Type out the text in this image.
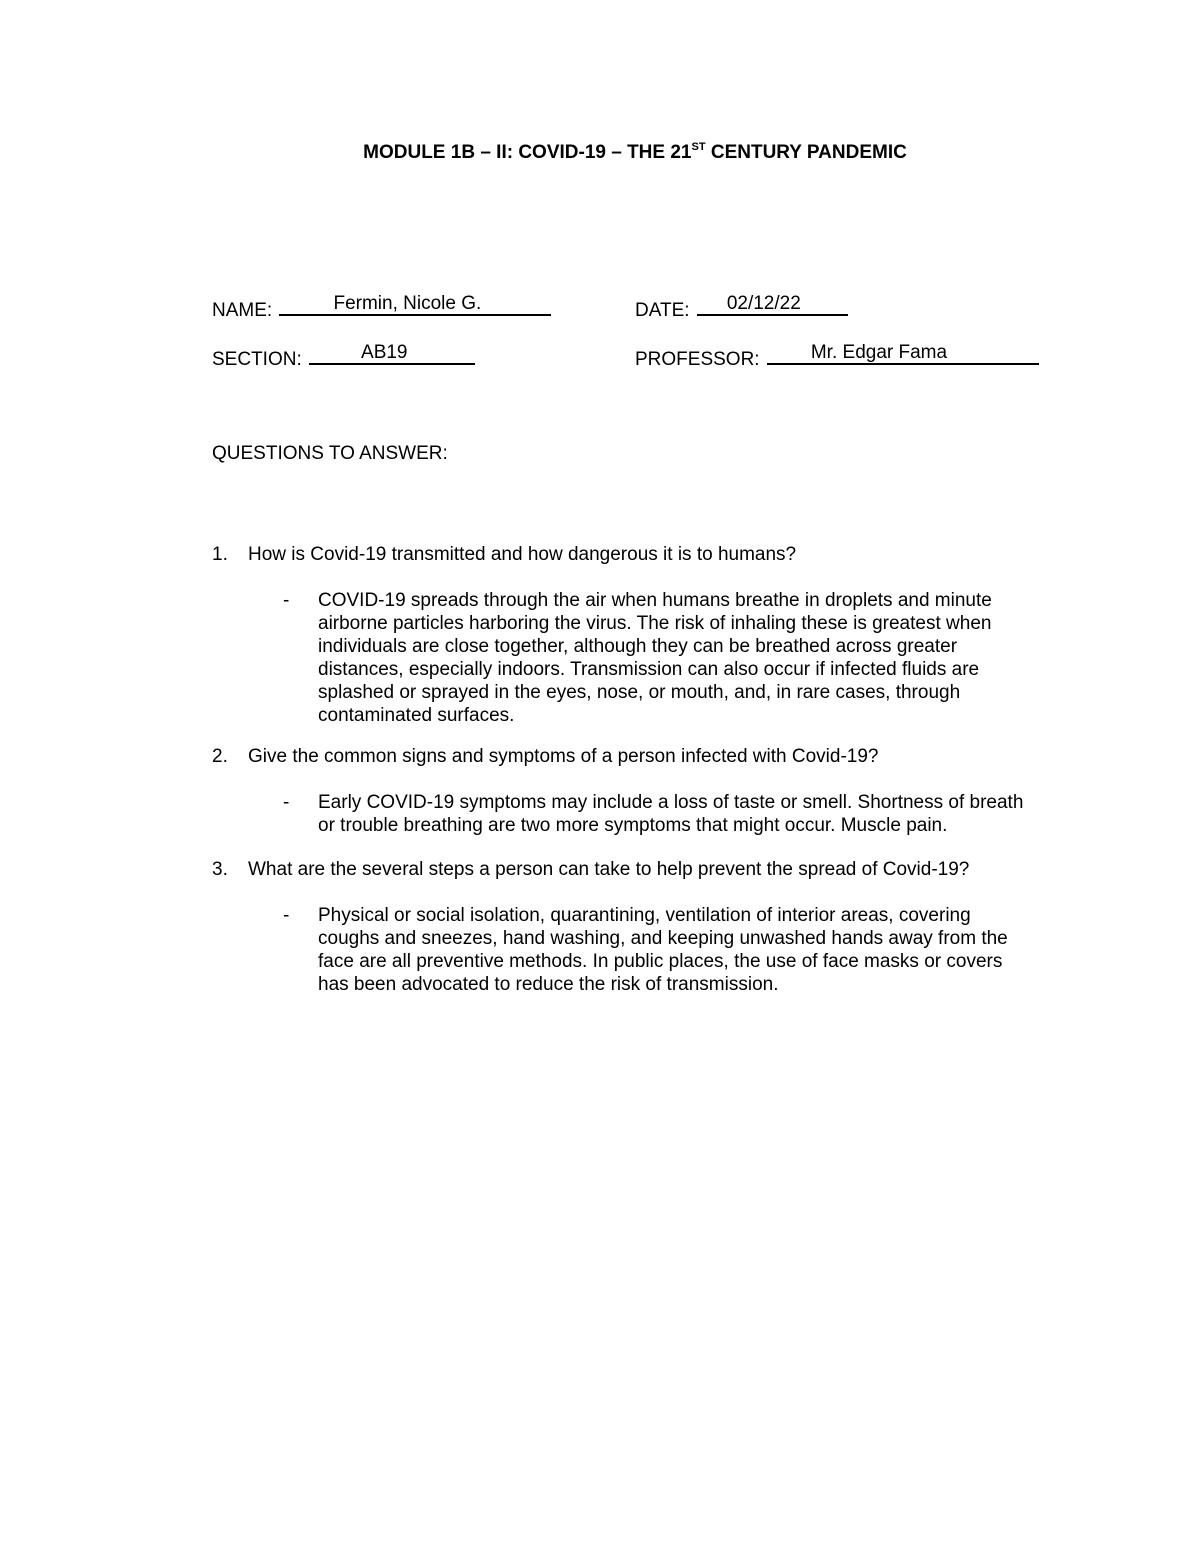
MODULE 1B – II: COVID-19 – THE 21ST CENTURY PANDEMIC
NAME:	Fermin, Nicole G.	DATE: 02/12/22
SECTION:	AB19	PROFESSOR:	Mr. Edgar Fama
QUESTIONS TO ANSWER:
1. How is Covid-19 transmitted and how dangerous it is to humans?
- COVID-19 spreads through the air when humans breathe in droplets and minute
airborne particles harboring the virus. The risk of inhaling these is greatest when
individuals are close together, although they can be breathed across greater
distances, especially indoors. Transmission can also occur if infected fluids are
splashed or sprayed in the eyes, nose, or mouth, and, in rare cases, through
contaminated surfaces.
2. Give the common signs and symptoms of a person infected with Covid-19?
- Early COVID-19 symptoms may include a loss of taste or smell. Shortness of breath
or trouble breathing are two more symptoms that might occur. Muscle pain.
3. What are the several steps a person can take to help prevent the spread of Covid-19?
- Physical or social isolation, quarantining, ventilation of interior areas, covering
coughs and sneezes, hand washing, and keeping unwashed hands away from the
face are all preventive methods. In public places, the use of face masks or covers
has been advocated to reduce the risk of transmission.
